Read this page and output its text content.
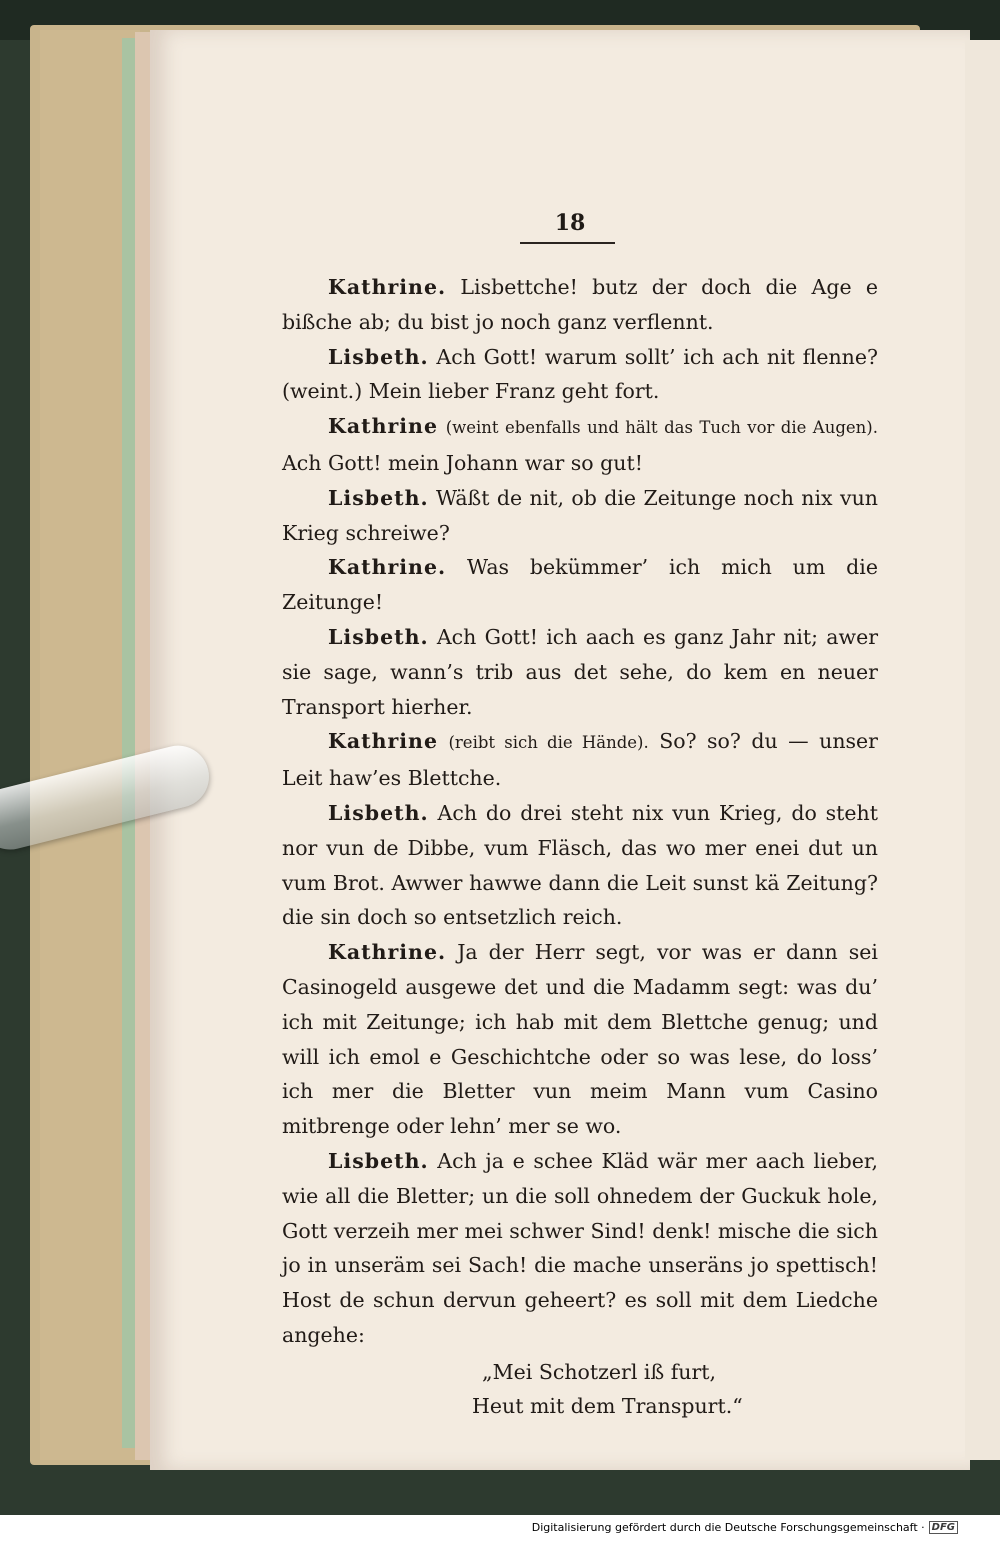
18

Kathrine. Lisbettche! butz der doch die Age e bißche ab; du bist jo noch ganz verflennt.

Lisbeth. Ach Gott! warum sollt’ ich ach nit flenne? (weint.) Mein lieber Franz geht fort.

Kathrine (weint ebenfalls und hält das Tuch vor die Augen). Ach Gott! mein Johann war so gut!

Lisbeth. Wäßt de nit, ob die Zeitunge noch nix vun Krieg schreiwe?

Kathrine. Was bekümmer’ ich mich um die Zeitunge!

Lisbeth. Ach Gott! ich aach es ganz Jahr nit; awer sie sage, wann’s trib aus det sehe, do kem en neuer Transport hierher.

Kathrine (reibt sich die Hände). So? so? du — unser Leit haw’es Blettche.

Lisbeth. Ach do drei steht nix vun Krieg, do steht nor vun de Dibbe, vum Fläsch, das wo mer enei dut un vum Brot. Awwer hawwe dann die Leit sunst kä Zeitung? die sin doch so entsetzlich reich.

Kathrine. Ja der Herr segt, vor was er dann sei Casinogeld ausgewe det und die Madamm segt: was du’ ich mit Zeitunge; ich hab mit dem Blettche genug; und will ich emol e Geschichtche oder so was lese, do loss’ ich mer die Bletter vun meim Mann vum Casino mitbrenge oder lehn’ mer se wo.

Lisbeth. Ach ja e schee Kläd wär mer aach lieber, wie all die Bletter; un die soll ohnedem der Guckuk hole, Gott verzeih mer mei schwer Sind! denk! mische die sich jo in unseräm sei Sach! die mache unseräns jo spettisch! Host de schun dervun geheert? es soll mit dem Liedche angehe:

„Mei Schotzerl iß furt,
Heut mit dem Transpurt.“
Digitalisierung gefördert durch die Deutsche Forschungsgemeinschaft · DFG
